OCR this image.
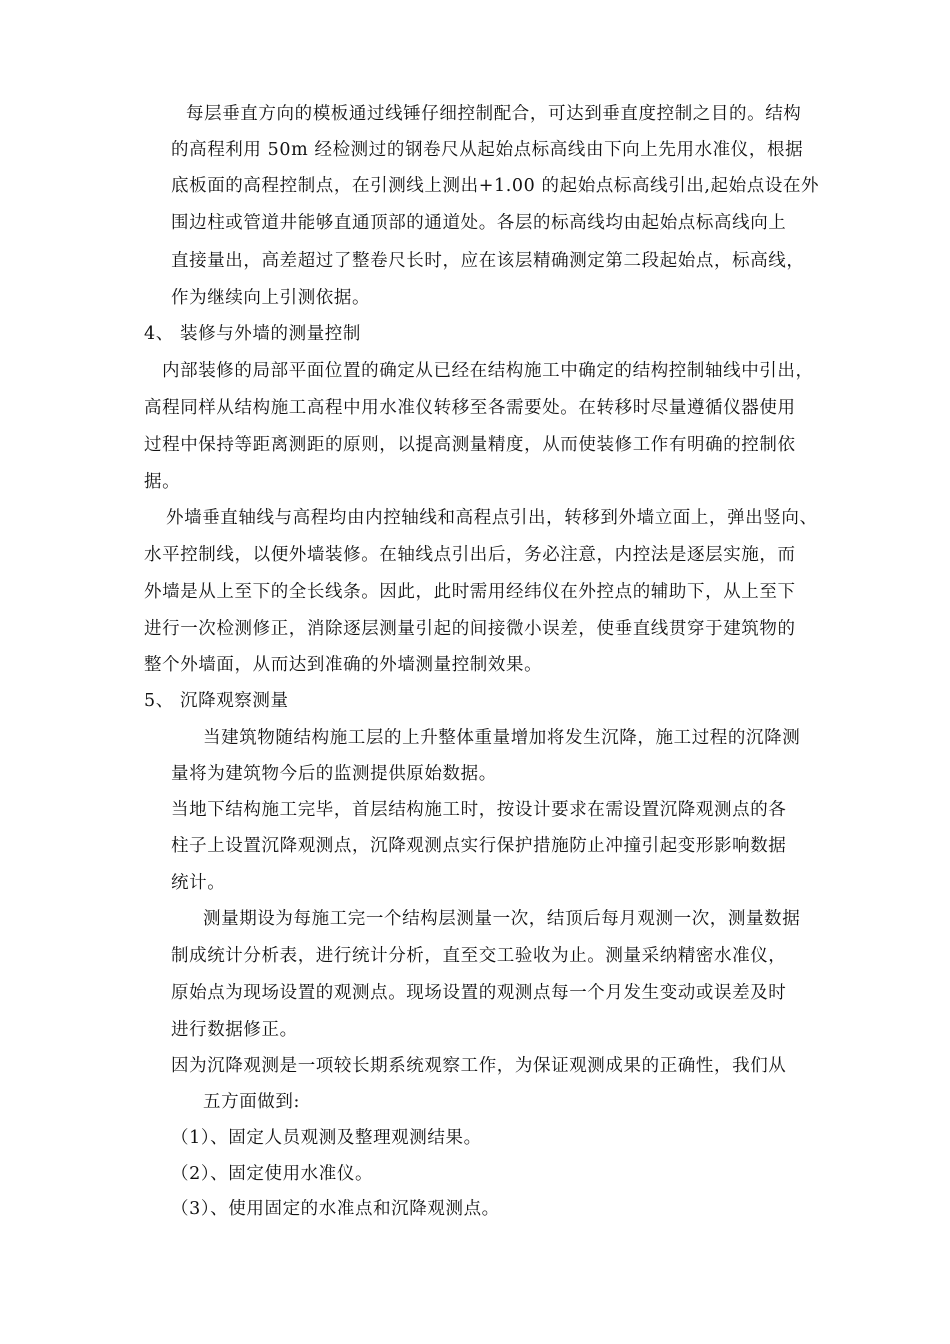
每层垂直方向的模板通过线锤仔细控制配合，可达到垂直度控制之目的。结构
的高程利用 50m 经检测过的钢卷尺从起始点标高线由下向上先用水准仪，根据
底板面的高程控制点，在引测线上测出+1.00 的起始点标高线引出,起始点设在外
围边柱或管道井能够直通顶部的通道处。各层的标高线均由起始点标高线向上
直接量出，高差超过了整卷尺长时，应在该层精确测定第二段起始点，标高线，
作为继续向上引测依据。
4、 装修与外墙的测量控制
内部装修的局部平面位置的确定从已经在结构施工中确定的结构控制轴线中引出，
高程同样从结构施工高程中用水准仪转移至各需要处。在转移时尽量遵循仪器使用
过程中保持等距离测距的原则，以提高测量精度，从而使装修工作有明确的控制依
据。
外墙垂直轴线与高程均由内控轴线和高程点引出，转移到外墙立面上，弹出竖向、
水平控制线，以便外墙装修。在轴线点引出后，务必注意，内控法是逐层实施，而
外墙是从上至下的全长线条。因此，此时需用经纬仪在外控点的辅助下，从上至下
进行一次检测修正，消除逐层测量引起的间接微小误差，使垂直线贯穿于建筑物的
整个外墙面，从而达到准确的外墙测量控制效果。
5、 沉降观察测量
当建筑物随结构施工层的上升整体重量增加将发生沉降，施工过程的沉降测
量将为建筑物今后的监测提供原始数据。
当地下结构施工完毕，首层结构施工时，按设计要求在需设置沉降观测点的各
柱子上设置沉降观测点，沉降观测点实行保护措施防止冲撞引起变形影响数据
统计。
测量期设为每施工完一个结构层测量一次，结顶后每月观测一次，测量数据
制成统计分析表，进行统计分析，直至交工验收为止。测量采纳精密水准仪，
原始点为现场设置的观测点。现场设置的观测点每一个月发生变动或误差及时
进行数据修正。
因为沉降观测是一项较长期系统观察工作，为保证观测成果的正确性，我们从
五方面做到:
（1）、固定人员观测及整理观测结果。
（2）、固定使用水准仪。
（3）、使用固定的水准点和沉降观测点。
